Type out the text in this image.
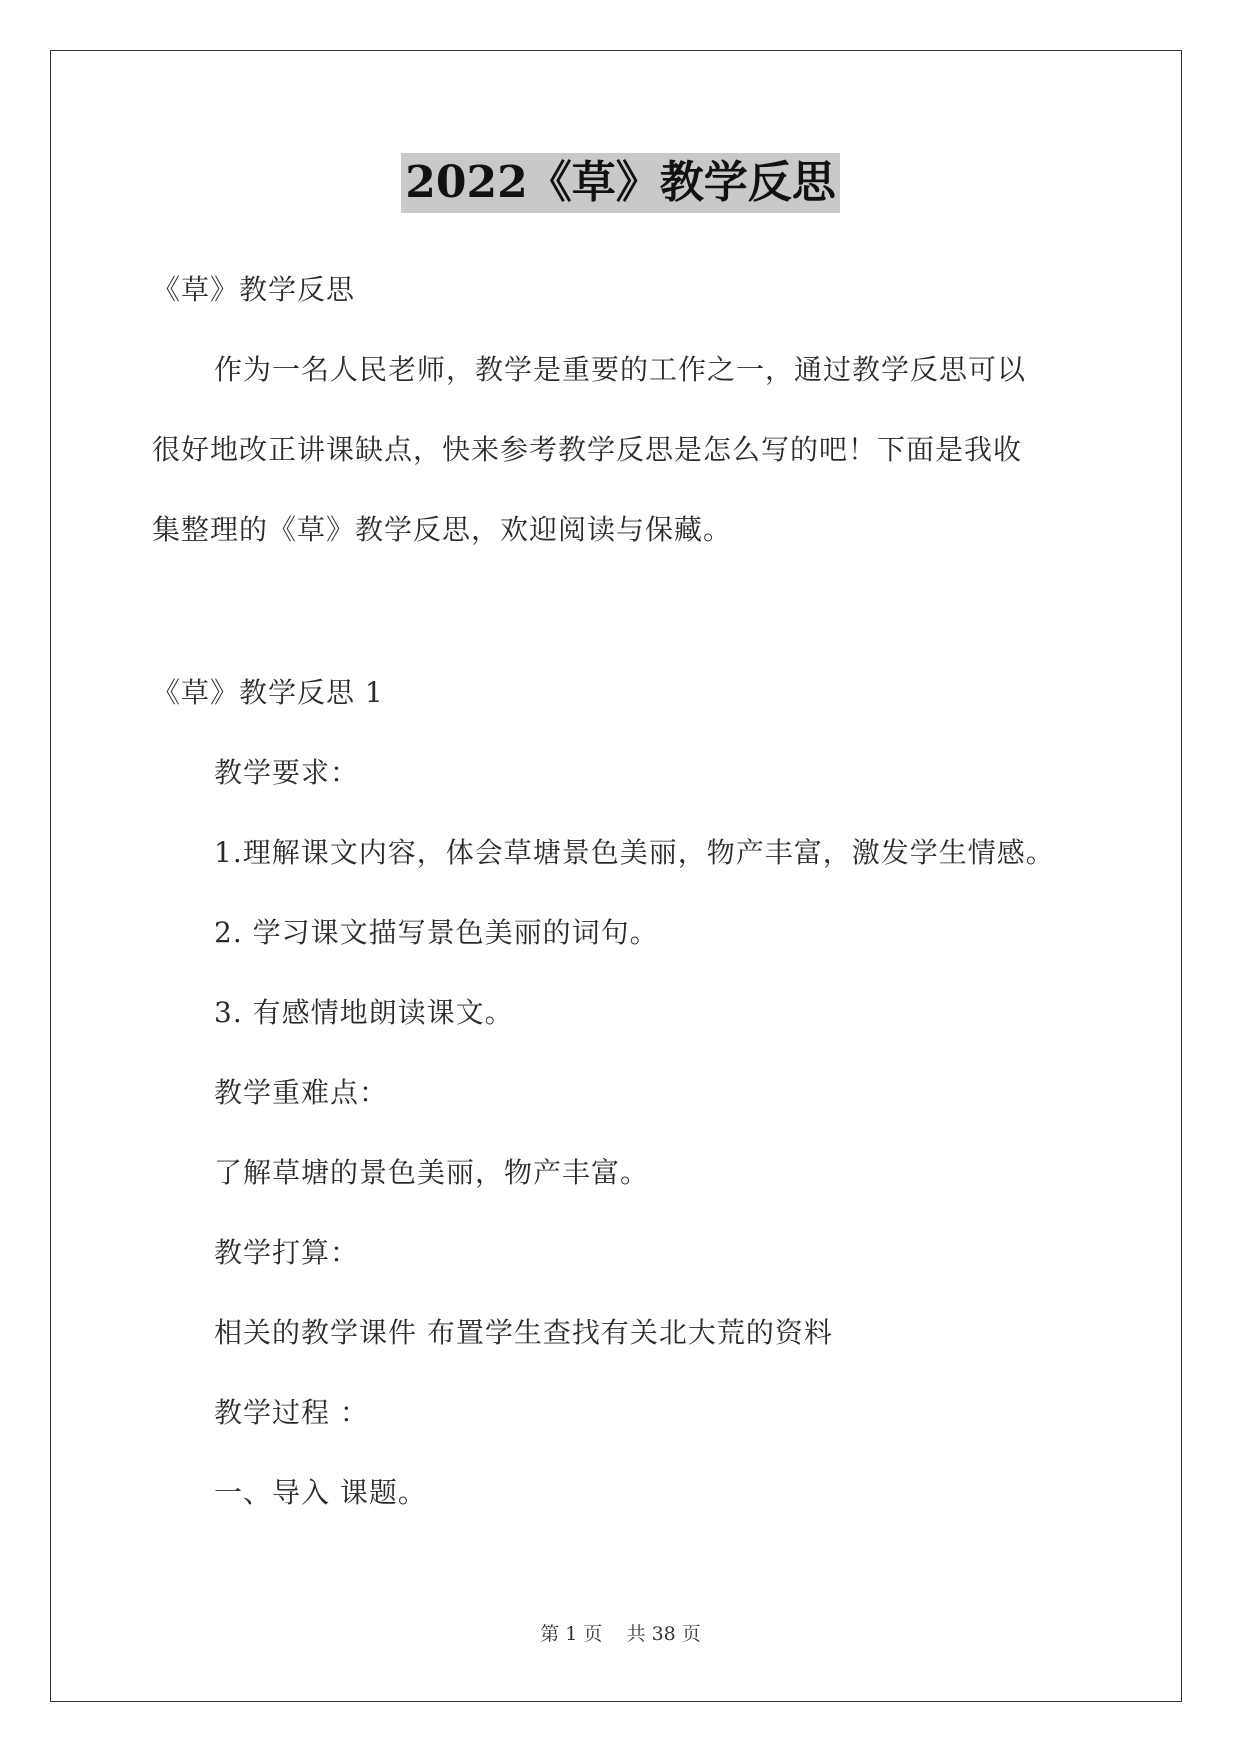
2022《草》教学反思
《草》教学反思
作为一名人民老师，教学是重要的工作之一，通过教学反思可以
很好地改正讲课缺点，快来参考教学反思是怎么写的吧！下面是我收
集整理的《草》教学反思，欢迎阅读与保藏。
《草》教学反思 1
教学要求：
1.理解课文内容，体会草塘景色美丽，物产丰富，激发学生情感。
2. 学习课文描写景色美丽的词句。
3. 有感情地朗读课文。
教学重难点：
了解草塘的景色美丽，物产丰富。
教学打算：
相关的教学课件 布置学生查找有关北大荒的资料
教学过程 ：
一、导入 课题。
第 1 页 共 38 页
